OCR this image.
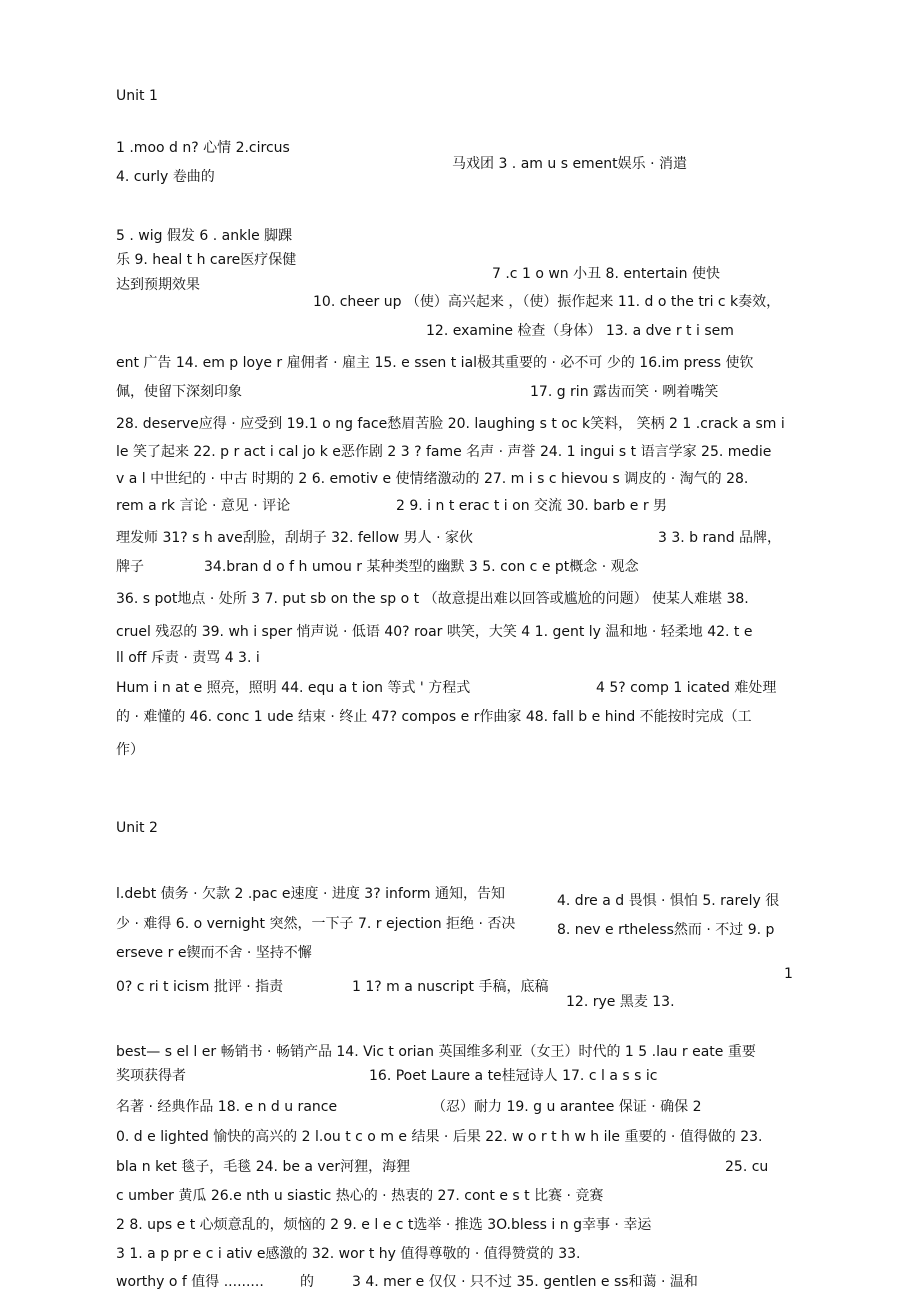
Unit 1
1 .moo d n? 心情 2.circus
马戏团 3 . am u s ement娱乐 · 消遣
4. curly 卷曲的
5 . wig 假发 6 . ankle 脚踝
乐 9. heal t h care医疗保健
7 .c 1 o wn 小丑 8. entertain 使快
达到预期效果
10. cheer up （使）高兴起来 ，（使）振作起来 11. d o the tri c k奏效，
12. examine 检查（身体） 13. a dve r t i sem
ent 广告 14. em p loye r 雇佣者 · 雇主 15. e ssen t ial极其重要的 · 必不可 少的 16.im press 使钦
佩，使留下深刻印象	17. g rin 露齿而笑 · 咧着嘴笑
28. deserve应得 · 应受到 19.1 o ng face愁眉苦脸 20. laughing s t oc k笑料， 笑柄 2 1 .crack a sm i
le 笑了起来 22. p r act i cal jo k e恶作剧 2 3 ? fame 名声 · 声誉 24. 1 ingui s t 语言学家 25. medie
v a l 中世纪的 · 中古 时期的 2 6. emotiv e 使情绪激动的 27. m i s c hievou s 调皮的 · 淘气的 28.
rem a rk 言论 · 意见 · 评论	2 9. i n t erac t i on 交流 30. barb e r 男
理发师 31? s h ave刮脸，刮胡子 32. fellow 男人 · 家伙	3 3. b rand 品牌，
牌子	34.bran d o f h umou r 某种类型的幽默 3 5. con c e pt概念 · 观念
36. s pot地点 · 处所 3 7. put sb on the sp o t （故意提出难以回答或尴尬的问题） 使某人难堪 38.
cruel 残忍的 39. wh i sper 悄声说 · 低语 40? roar 哄笑，大笑 4 1. gent ly 温和地 · 轻柔地 42. t e
ll off 斥责 · 责骂 4 3. i
Hum i n at e 照亮，照明 44. equ a t ion 等式 ' 方程式	4 5? comp 1 icated 难处理
的 · 难懂的 46. conc 1 ude 结束 · 终止 47? compos e r作曲家 48. fall b e hind 不能按时完成（工
作）
Unit 2
l.debt 债务 · 欠款 2 .pac e速度 · 进度 3? inform 通知，告知	4. dre a d 畏惧 · 惧怕 5. rarely 很
少 · 难得 6. o vernight 突然，一下子 7. r ejection 拒绝 · 否决	8. nev e rtheless然而 · 不过 9. p
erseve r e锲而不舍 · 坚持不懈
1
0? c ri t icism 批评 · 指责	1 1? m a nuscript 手稿，底稿
12. rye 黑麦 13.
best— s el l er 畅销书 · 畅销产品 14. Vic t orian 英国维多利亚（女王）时代的 1 5 .lau r eate 重要
奖项获得者	16. Poet Laure a te桂冠诗人 17. c l a s s ic
名著 · 经典作品 18. e n d u rance	（忍）耐力 19. g u arantee 保证 · 确保 2
0. d e lighted 愉快的高兴的 2 l.ou t c o m e 结果 · 后果 22. w o r t h w h ile 重要的 · 值得做的 23.
bla n ket 毯子，毛毯 24. be a ver河狸，海狸	25. cu
c umber 黄瓜 26.e nth u siastic 热心的 · 热衷的 27. cont e s t 比赛 · 竞赛
2 8. ups e t 心烦意乱的，烦恼的 2 9. e l e c t选举 · 推选 3O.bless i n g幸事 · 幸运
3 1. a p pr e c i ativ e感激的 32. wor t hy 值得尊敬的 · 值得赞赏的 33.
worthy o f 值得 .........	的	3 4. mer e 仅仅 · 只不过 35. gentlen e ss和蔼 · 温和
